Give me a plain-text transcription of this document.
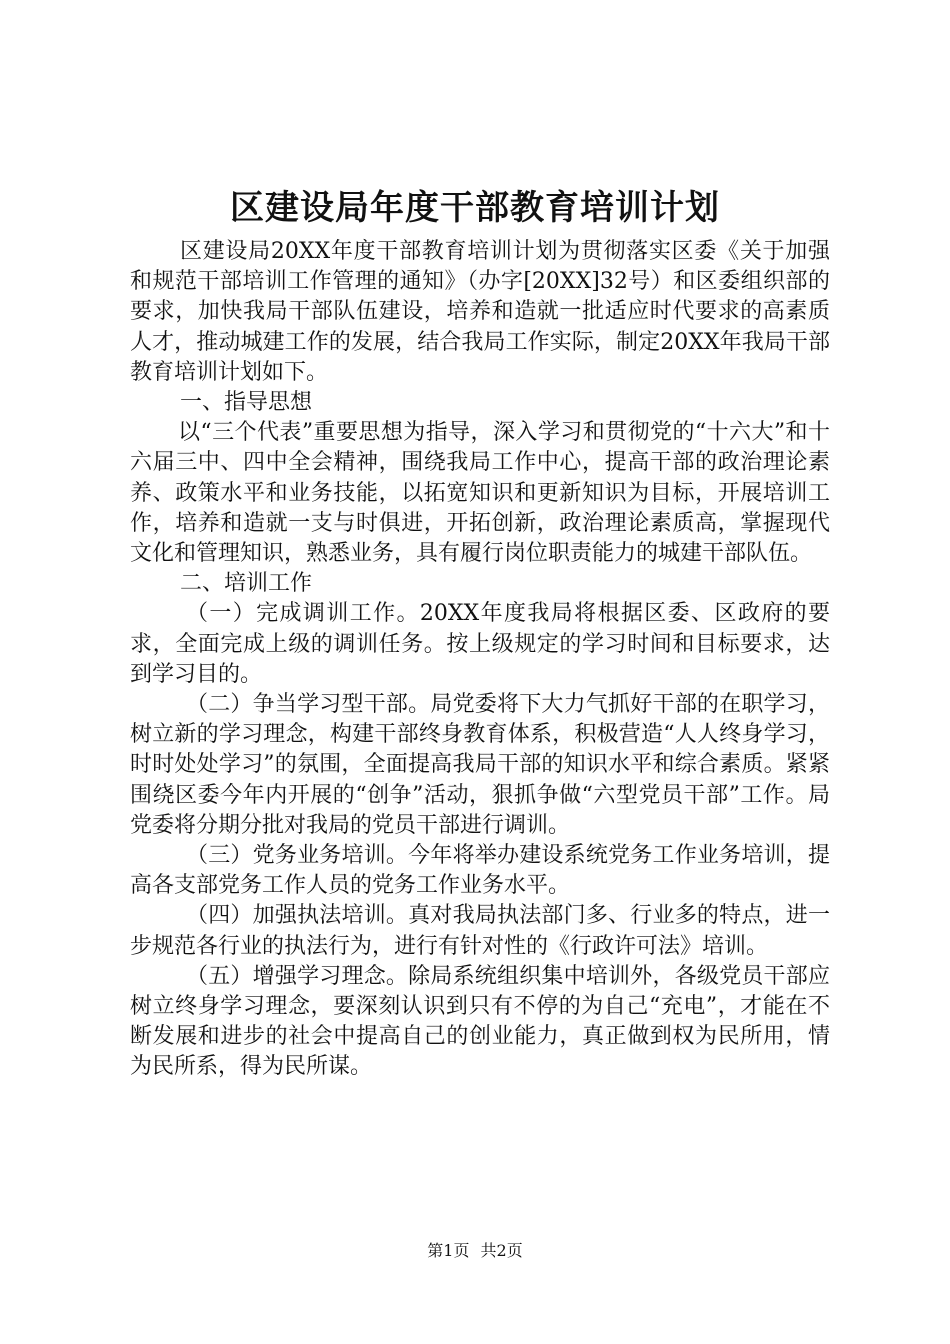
区建设局年度干部教育培训计划

区建设局20XX年度干部教育培训计划为贯彻落实区委《关于加强和规范干部培训工作管理的通知》（办字[20XX]32号）和区委组织部的要求，加快我局干部队伍建设，培养和造就一批适应时代要求的高素质人才，推动城建工作的发展，结合我局工作实际，制定20XX年我局干部教育培训计划如下。

一、指导思想

以“三个代表”重要思想为指导，深入学习和贯彻党的“十六大”和十六届三中、四中全会精神，围绕我局工作中心，提高干部的政治理论素养、政策水平和业务技能，以拓宽知识和更新知识为目标，开展培训工作，培养和造就一支与时俱进，开拓创新，政治理论素质高，掌握现代文化和管理知识，熟悉业务，具有履行岗位职责能力的城建干部队伍。

二、培训工作

（一）完成调训工作。20XX年度我局将根据区委、区政府的要求，全面完成上级的调训任务。按上级规定的学习时间和目标要求，达到学习目的。

（二）争当学习型干部。局党委将下大力气抓好干部的在职学习，树立新的学习理念，构建干部终身教育体系，积极营造“人人终身学习，时时处处学习”的氛围，全面提高我局干部的知识水平和综合素质。紧紧围绕区委今年内开展的“创争”活动，狠抓争做“六型党员干部”工作。局党委将分期分批对我局的党员干部进行调训。

（三）党务业务培训。今年将举办建设系统党务工作业务培训，提高各支部党务工作人员的党务工作业务水平。

（四）加强执法培训。真对我局执法部门多、行业多的特点，进一步规范各行业的执法行为，进行有针对性的《行政许可法》培训。

（五）增强学习理念。除局系统组织集中培训外，各级党员干部应树立终身学习理念，要深刻认识到只有不停的为自己“充电”，才能在不断发展和进步的社会中提高自己的创业能力，真正做到权为民所用，情为民所系，得为民所谋。

第1页 共2页
